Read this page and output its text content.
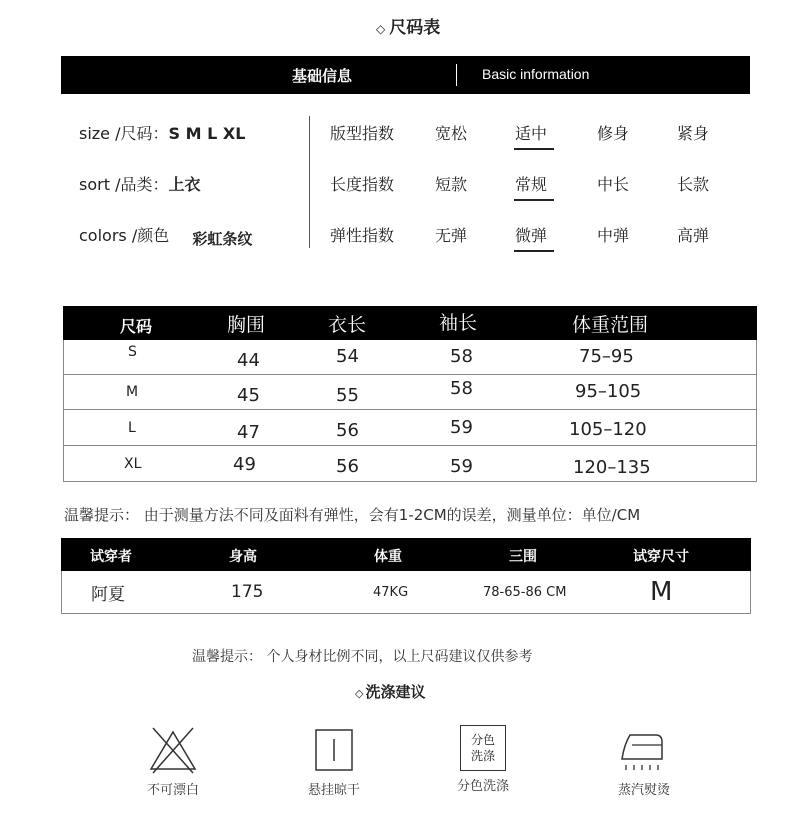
◇ 尺码表
基础信息	Basic information
size /尺码：S M L XL
sort /品类：上衣
colors /颜色 彩虹条纹
版型指数	宽松	适中	修身	紧身
长度指数	短款	常规	中长	长款
弹性指数	无弹	微弹	中弹	高弹
尺码	胸围	衣长	袖长	体重范围
S	44	54	58	75–95
M	45	55	58	95–105
L	47	56	59	105–120
XL	49	56	59	120–135
温馨提示： 由于测量方法不同及面料有弹性，会有1-2CM的误差，测量单位：单位/CM
试穿者	身高	体重	三围	试穿尺寸
阿夏	175	47KG	78-65-86 CM	M
温馨提示： 个人身材比例不同，以上尺码建议仅供参考
◇ 洗涤建议
不可漂白	悬挂晾干
分色
洗涤
分色洗涤	蒸汽熨烫
